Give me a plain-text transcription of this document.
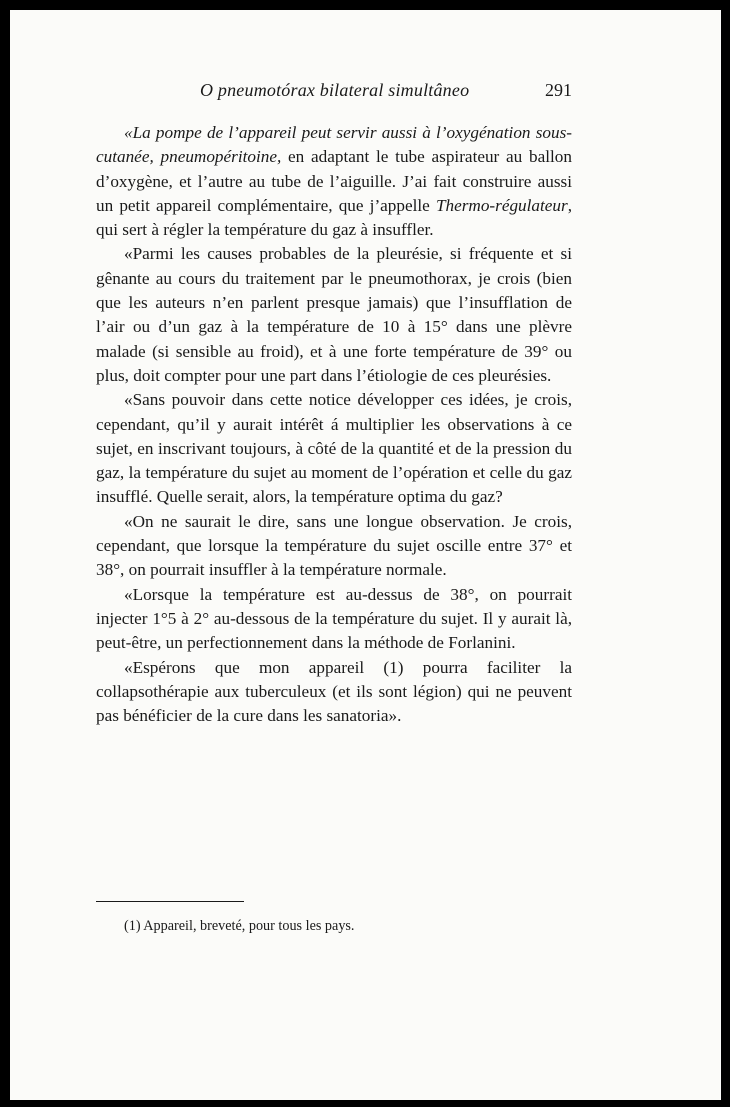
O pneumotórax bilateral simultâneo	291

«La pompe de l’appareil peut servir aussi à l’oxygénation sous-cutanée, pneumopéritoine, en adaptant le tube aspirateur au ballon d’oxygène, et l’autre au tube de l’aiguille. J’ai fait construire aussi un petit appareil complémentaire, que j’appelle Thermo-régulateur, qui sert à régler la température du gaz à insuffler.

«Parmi les causes probables de la pleurésie, si fréquente et si gênante au cours du traitement par le pneumothorax, je crois (bien que les auteurs n’en parlent presque jamais) que l’insufflation de l’air ou d’un gaz à la température de 10 à 15° dans une plèvre malade (si sensible au froid), et à une forte température de 39° ou plus, doit compter pour une part dans l’étiologie de ces pleurésies.

«Sans pouvoir dans cette notice développer ces idées, je crois, cependant, qu’il y aurait intérêt á multiplier les observations à ce sujet, en inscrivant toujours, à côté de la quantité et de la pression du gaz, la température du sujet au moment de l’opération et celle du gaz insufflé. Quelle serait, alors, la température optima du gaz?

«On ne saurait le dire, sans une longue observation. Je crois, cependant, que lorsque la température du sujet oscille entre 37° et 38°, on pourrait insuffler à la température normale.

«Lorsque la température est au-dessus de 38°, on pourrait injecter 1°5 à 2° au-dessous de la température du sujet. Il y aurait là, peut-être, un perfectionnement dans la méthode de Forlanini.

«Espérons que mon appareil (1) pourra faciliter la collapsothérapie aux tuberculeux (et ils sont légion) qui ne peuvent pas bénéficier de la cure dans les sanatoria».

(1) Appareil, breveté, pour tous les pays.
